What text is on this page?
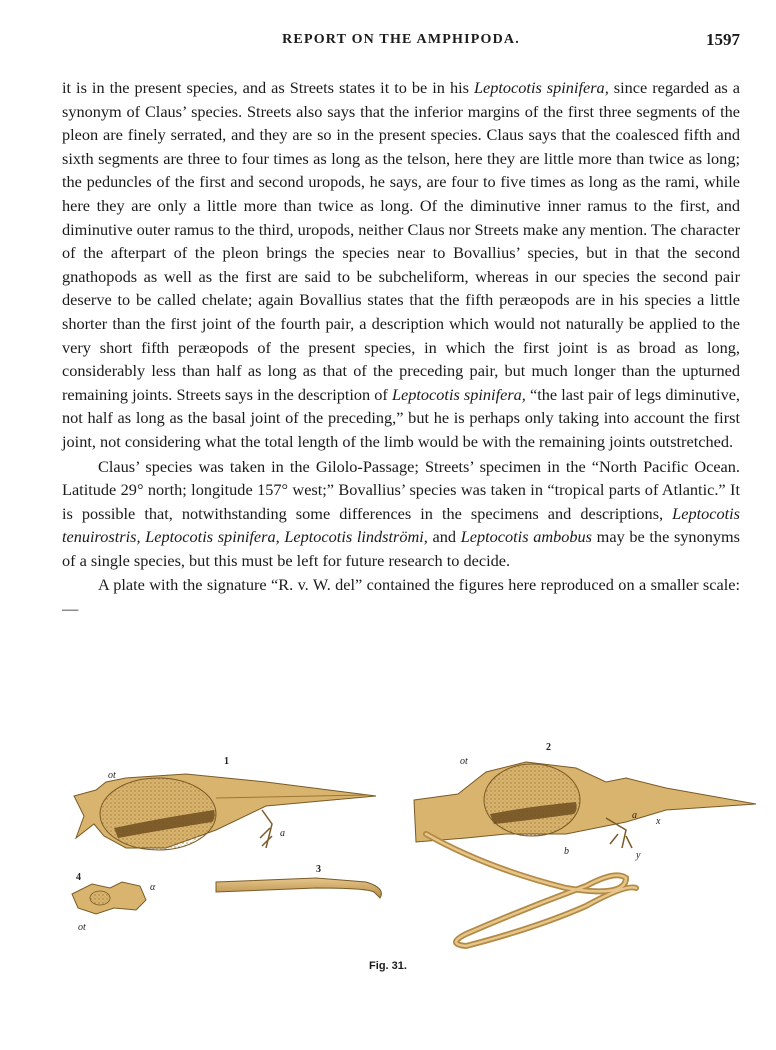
REPORT ON THE AMPHIPODA.	1597

it is in the present species, and as Streets states it to be in his Leptocotis spinifera, since regarded as a synonym of Claus’ species. Streets also says that the inferior margins of the first three segments of the pleon are finely serrated, and they are so in the present species. Claus says that the coalesced fifth and sixth segments are three to four times as long as the telson, here they are little more than twice as long; the peduncles of the first and second uropods, he says, are four to five times as long as the rami, while here they are only a little more than twice as long. Of the diminutive inner ramus to the first, and diminutive outer ramus to the third, uropods, neither Claus nor Streets make any mention. The character of the afterpart of the pleon brings the species near to Bovallius’ species, but in that the second gnathopods as well as the first are said to be subcheliform, whereas in our species the second pair deserve to be called chelate; again Bovallius states that the fifth peræopods are in his species a little shorter than the first joint of the fourth pair, a description which would not naturally be applied to the very short fifth peræopods of the present species, in which the first joint is as broad as long, considerably less than half as long as that of the preceding pair, but much longer than the upturned remaining joints. Streets says in the description of Leptocotis spinifera, “the last pair of legs diminutive, not half as long as the basal joint of the preceding,” but he is perhaps only taking into account the first joint, not considering what the total length of the limb would be with the remaining joints outstretched.

Claus’ species was taken in the Gilolo-Passage; Streets’ specimen in the “North Pacific Ocean. Latitude 29° north; longitude 157° west;” Bovallius’ species was taken in “tropical parts of Atlantic.” It is possible that, notwithstanding some differences in the specimens and descriptions, Leptocotis tenuirostris, Leptocotis spinifera, Leptocotis lindströmi, and Leptocotis ambobus may be the synonyms of a single species, but this must be left for future research to decide.

A plate with the signature “R. v. W. del” contained the figures here reproduced on a smaller scale:—

1
ot
a
4
α
ot
3
2
ot
a
x
y
b
Fig. 31.
